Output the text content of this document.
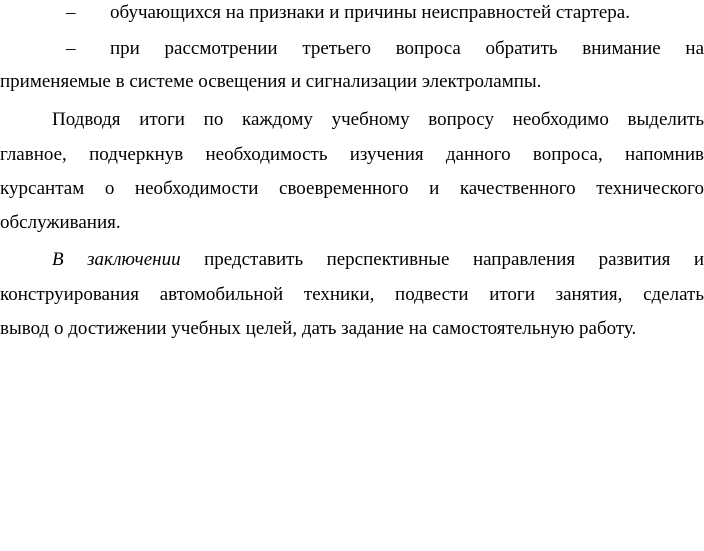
– обучающихся на признаки и причины неисправностей стартера.
– при рассмотрении третьего вопроса обратить внимание на
применяемые в системе освещения и сигнализации электролампы.
Подводя итоги по каждому учебному вопросу необходимо выделить
главное, подчеркнув необходимость изучения данного вопроса, напомнив
курсантам о необходимости своевременного и качественного технического
обслуживания.
В заключении представить перспективные направления развития и
конструирования автомобильной техники, подвести итоги занятия, сделать
вывод о достижении учебных целей, дать задание на самостоятельную работу.
